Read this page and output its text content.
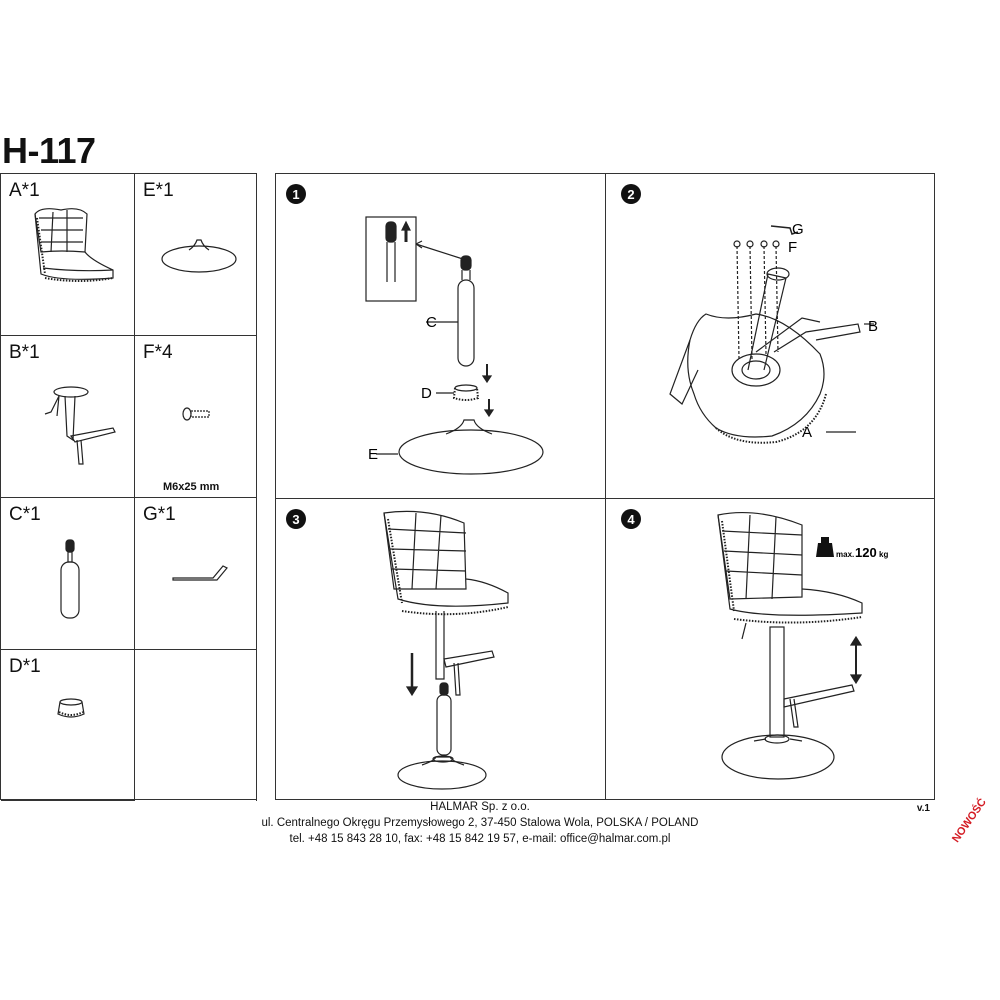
H-117
A*1	E*1
B*1	F*4
M6x25 mm
C*1	G*1
D*1
1
C
D
E
2
G
F
B
A
3	4
max. 120 kg
HALMAR Sp. z o.o.
ul. Centralnego Okręgu Przemysłowego 2, 37-450 Stalowa Wola, POLSKA / POLAND
tel. +48 15 843 28 10, fax: +48 15 842 19 57, e-mail: office@halmar.com.pl
v.1 NOWOŚĆ
